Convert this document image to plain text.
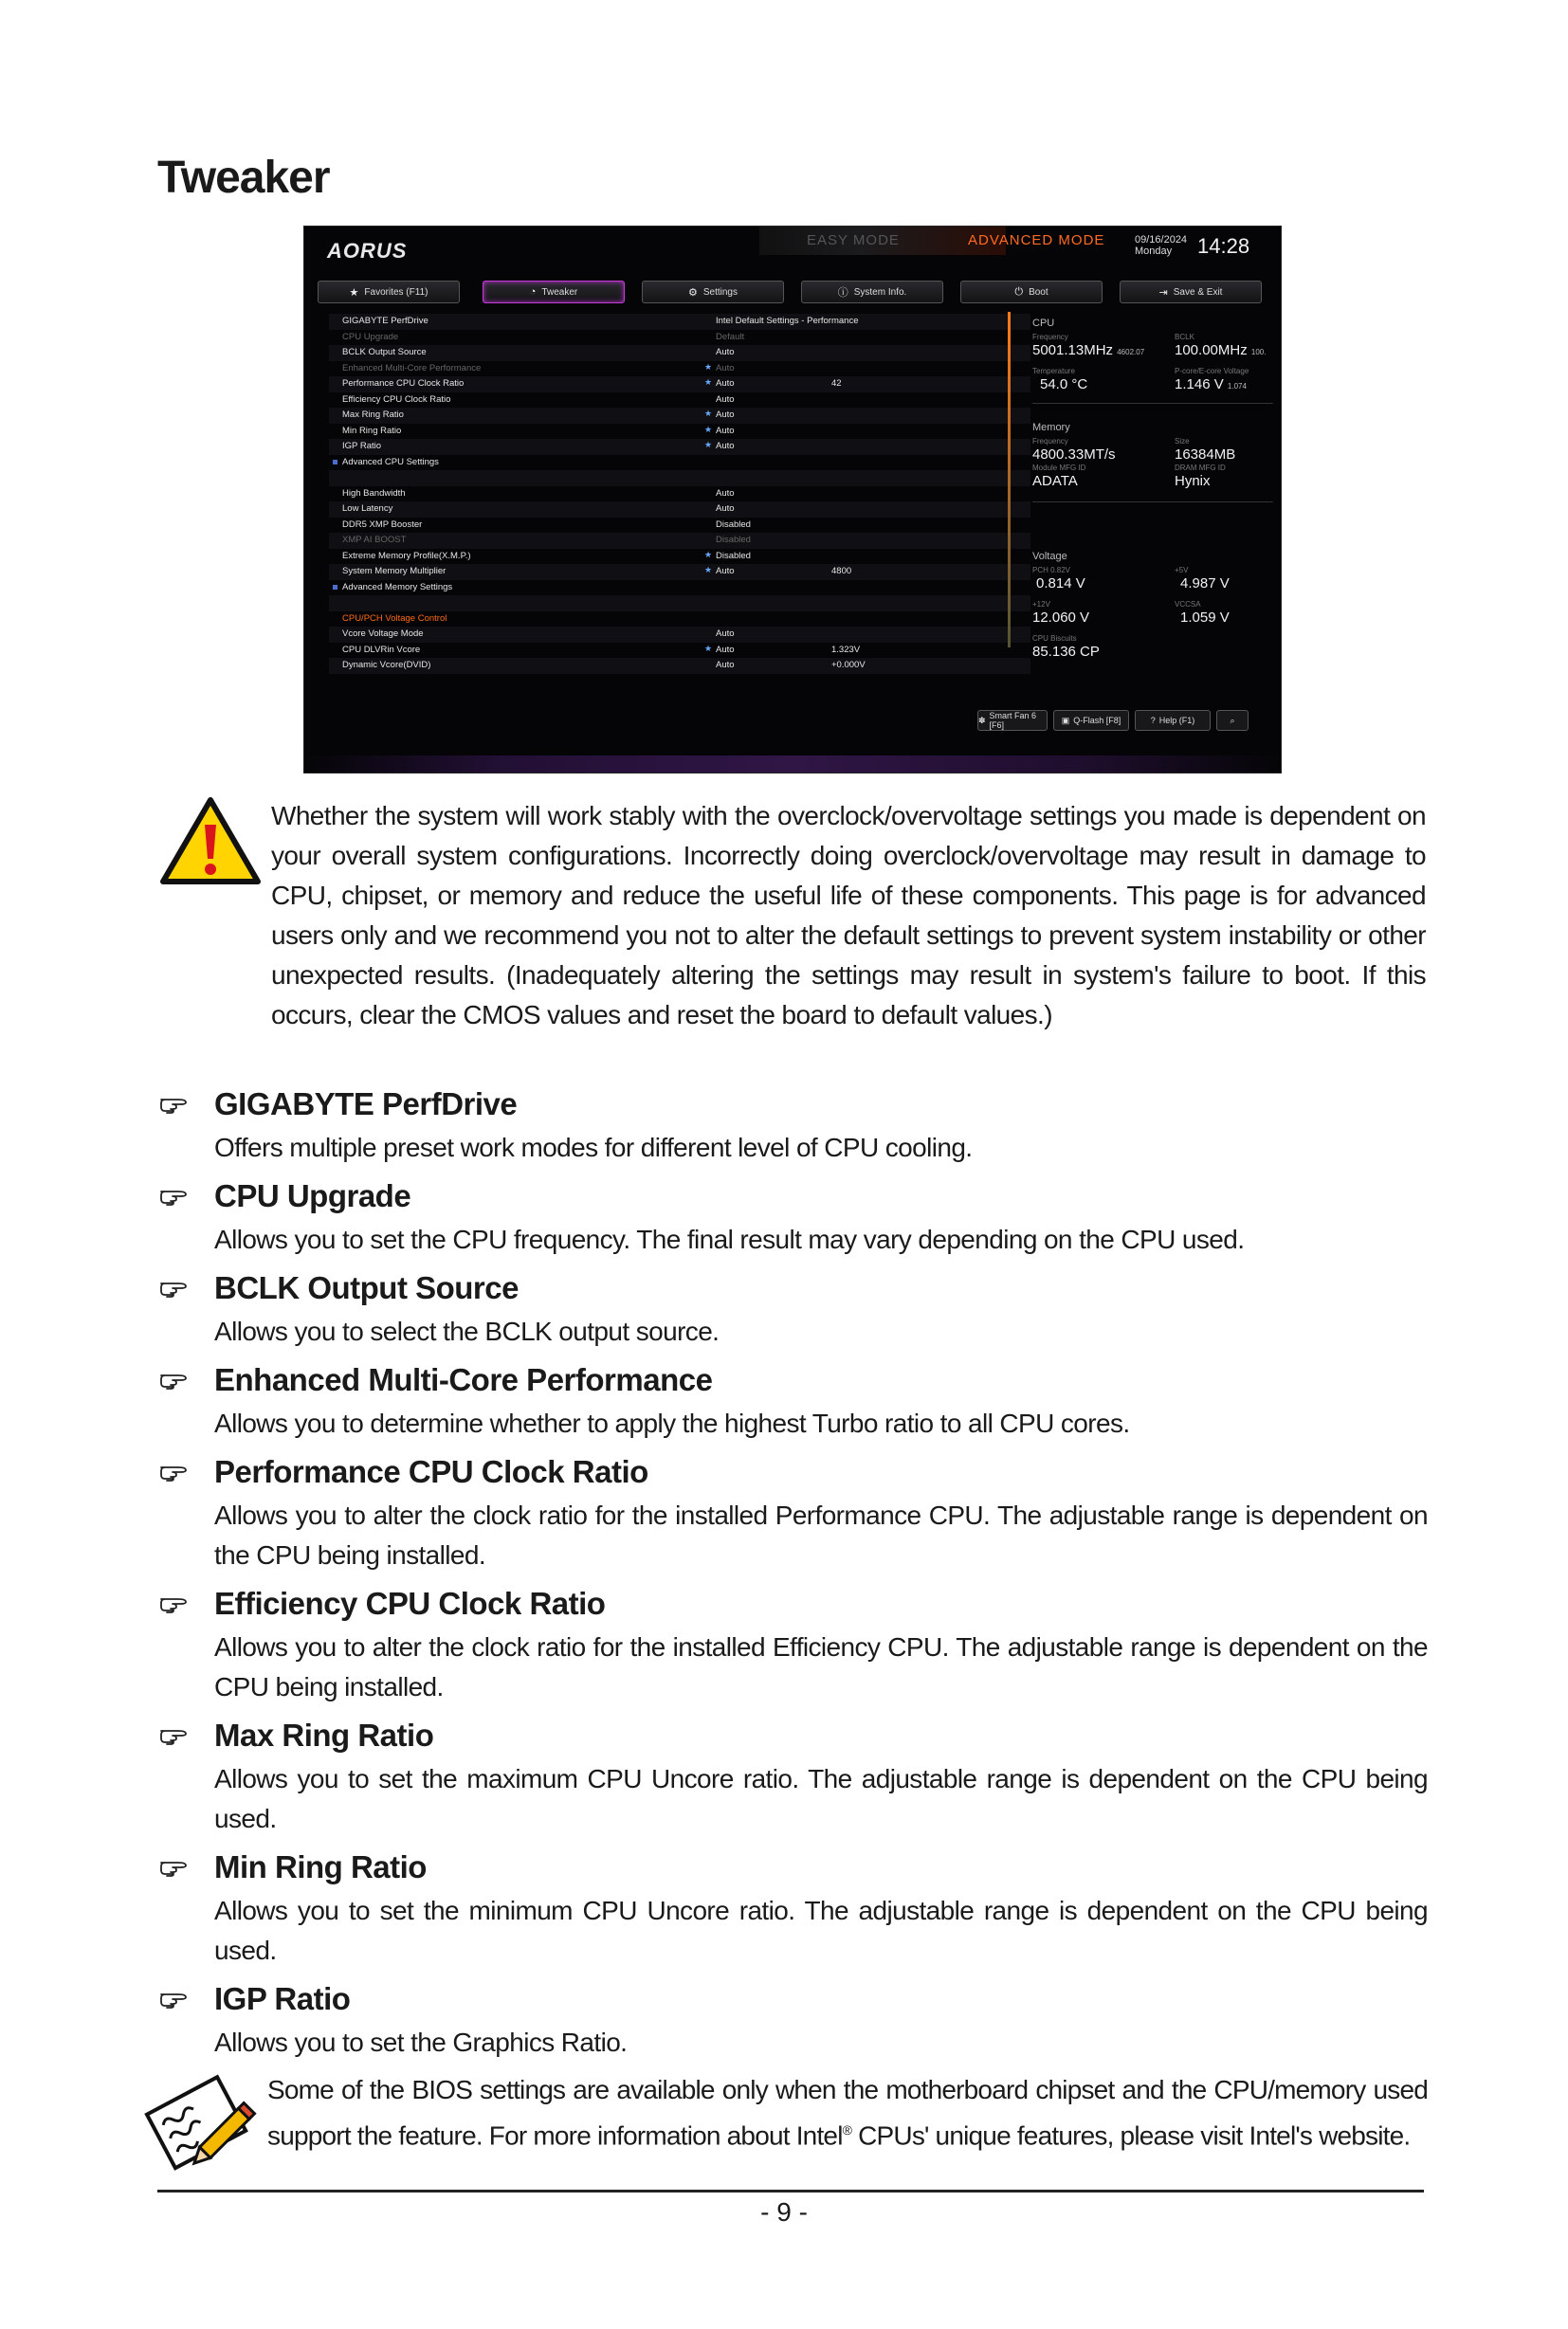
Tweaker
AORUS	EASY MODE	ADVANCED MODE	09/16/2024
Monday	14:28
★ Favorites (F11)	◔ Tweaker	⚙ Settings	ⓘ System Info.	⏻ Boot	⇥ Save & Exit
GIGABYTE PerfDrive	Intel Default Settings - Performance
CPU Upgrade	Default
BCLK Output Source	Auto
Enhanced Multi-Core Performance	★ Auto
Performance CPU Clock Ratio	★ Auto	42
Efficiency CPU Clock Ratio	Auto
Max Ring Ratio	★ Auto
Min Ring Ratio	★ Auto
IGP Ratio	★ Auto
Advanced CPU Settings
High Bandwidth	Auto
Low Latency	Auto
DDR5 XMP Booster	Disabled
XMP AI BOOST	Disabled
Extreme Memory Profile(X.M.P.)	★ Disabled
System Memory Multiplier	★ Auto	4800
Advanced Memory Settings
CPU/PCH Voltage Control
Vcore Voltage Mode	Auto
CPU DLVRin Vcore	★ Auto	1.323V
Dynamic Vcore(DVID)	Auto	+0.000V
CPU
Frequency
5001.13MHz 4602.07
BCLK
100.00MHz 100.
Temperature
54.0 °C
P-core/E-core Voltage
1.146 V 1.074
Memory
Frequency
4800.33MT/s
Size
16384MB
Module MFG ID
ADATA
DRAM MFG ID
Hynix
Voltage
PCH 0.82V
0.814 V
+5V
4.987 V
+12V
12.060 V
VCCSA
1.059 V
CPU Biscuits
85.136 CP
✽ Smart Fan 6 [F6]
▣ Q-Flash [F8]	? Help (F1)	⌕
Whether the system will work stably with the overclock/overvoltage settings you made is dependent on your overall system configurations. Incorrectly doing overclock/overvoltage may result in damage to CPU, chipset, or memory and reduce the useful life of these components. This page is for advanced users only and we recommend you not to alter the default settings to prevent system instability or other unexpected results. (Inadequately altering the settings may result in system's failure to boot. If this occurs, clear the CMOS values and reset the board to default values.)
GIGABYTE PerfDrive
Offers multiple preset work modes for different level of CPU cooling.
CPU Upgrade
Allows you to set the CPU frequency. The final result may vary depending on the CPU used.
BCLK Output Source
Allows you to select the BCLK output source.
Enhanced Multi-Core Performance
Allows you to determine whether to apply the highest Turbo ratio to all CPU cores.
Performance CPU Clock Ratio
Allows you to alter the clock ratio for the installed Performance CPU. The adjustable range is dependent on the CPU being installed.
Efficiency CPU Clock Ratio
Allows you to alter the clock ratio for the installed Efficiency CPU. The adjustable range is dependent on the CPU being installed.
Max Ring Ratio
Allows you to set the maximum CPU Uncore ratio. The adjustable range is dependent on the CPU being used.
Min Ring Ratio
Allows you to set the minimum CPU Uncore ratio. The adjustable range is dependent on the CPU being used.
IGP Ratio
Allows you to set the Graphics Ratio.
Some of the BIOS settings are available only when the motherboard chipset and the CPU/memory used support the feature. For more information about Intel® CPUs' unique features, please visit Intel's website.
- 9 -
